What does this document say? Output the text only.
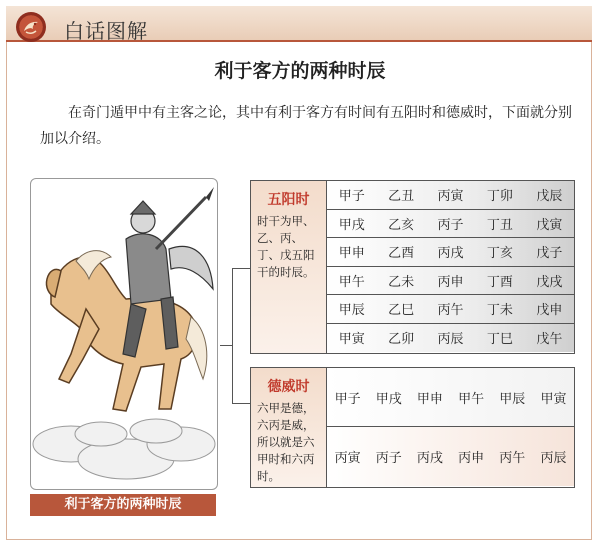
白话图解
利于客方的两种时辰
在奇门遁甲中有主客之论，其中有利于客方有时间有五阳时和德威时，下面就分别加以介绍。
利于客方的两种时辰
五阳时
时干为甲、乙、丙、丁、戊五阳干的时辰。
甲子	乙丑	丙寅	丁卯	戊辰
甲戌	乙亥	丙子	丁丑	戊寅
甲申	乙酉	丙戌	丁亥	戊子
甲午	乙未	丙申	丁酉	戊戌
甲辰	乙巳	丙午	丁未	戊申
甲寅	乙卯	丙辰	丁巳	戊午
德威时
六甲是德，六丙是威，所以就是六甲时和六丙时。
甲子	甲戌	甲申	甲午	甲辰	甲寅
丙寅	丙子	丙戌	丙申	丙午	丙辰
